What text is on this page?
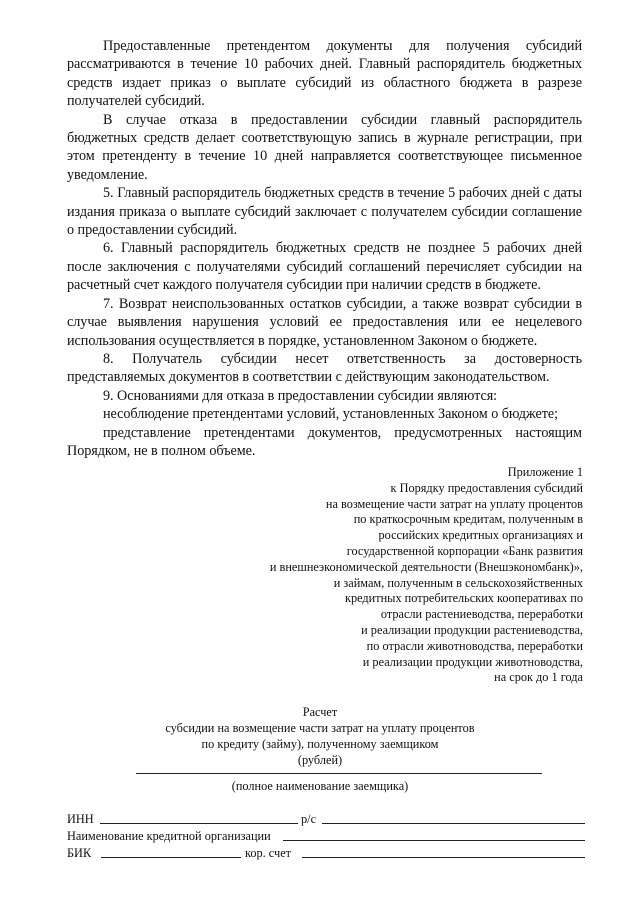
Предоставленные претендентом документы для получения субсидий рассматриваются в течение 10 рабочих дней. Главный распорядитель бюджетных средств издает приказ о выплате субсидий из областного бюджета в разрезе получателей субсидий.

В случае отказа в предоставлении субсидии главный распорядитель бюджетных средств делает соответствующую запись в журнале регистрации, при этом претенденту в течение 10 дней направляется соответствующее письменное уведомление.

5. Главный распорядитель бюджетных средств в течение 5 рабочих дней с даты издания приказа о выплате субсидий заключает с получателем субсидии соглашение о предоставлении субсидий.

6. Главный распорядитель бюджетных средств не позднее 5 рабочих дней после заключения с получателями субсидий соглашений перечисляет субсидии на расчетный счет каждого получателя субсидии при наличии средств в бюджете.

7. Возврат неиспользованных остатков субсидии, а также возврат субсидии в случае выявления нарушения условий ее предоставления или ее нецелевого использования осуществляется в порядке, установленном Законом о бюджете.

8. Получатель субсидии несет ответственность за достоверность представляемых документов в соответствии с действующим законодательством.

9. Основаниями для отказа в предоставлении субсидии являются:

несоблюдение претендентами условий, установленных Законом о бюджете;

представление претендентами документов, предусмотренных настоящим Порядком, не в полном объеме.

Приложение 1
к Порядку предоставления субсидий
на возмещение части затрат на уплату процентов
по краткосрочным кредитам, полученным в
российских кредитных организациях и
государственной корпорации «Банк развития
и внешнеэкономической деятельности (Внешэкономбанк)»,
и займам, полученным в сельскохозяйственных
кредитных потребительских кооперативах по
отрасли растениеводства, переработки
и реализации продукции растениеводства,
по отрасли животноводства, переработки
и реализации продукции животноводства,
на срок до 1 года
Расчет
субсидии на возмещение части затрат на уплату процентов
по кредиту (займу), полученному заемщиком
(рублей)
(полное наименование заемщика)
ИНН	р/с
Наименование кредитной организации
БИК	кор. счет
